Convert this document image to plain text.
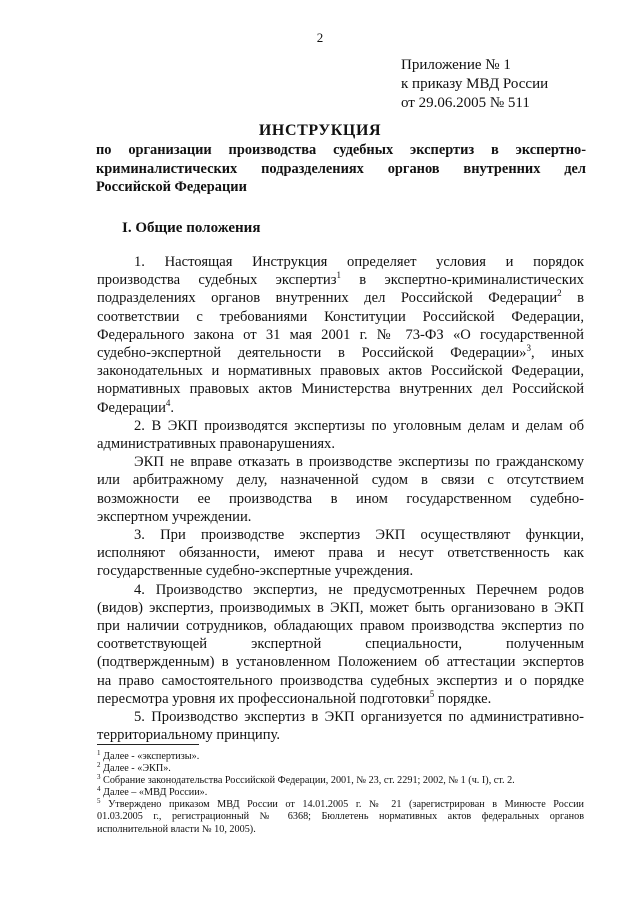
2
Приложение № 1
к приказу МВД России
от 29.06.2005 № 511
ИНСТРУКЦИЯ
по организации производства судебных экспертиз в экспертно-
криминалистических подразделениях органов внутренних дел
Российской Федерации
I. Общие положения
1. Настоящая Инструкция определяет условия и порядок
производства судебных экспертиз$^1$ в экспертно-криминалистических
подразделениях органов внутренних дел Российской Федерации$^2$ в
соответствии с требованиями Конституции Российской Федерации,
Федерального закона от 31 мая 2001 г. № 73-ФЗ «О государственной
судебно-экспертной деятельности в Российской Федерации»$^3$, иных
законодательных и нормативных правовых актов Российской Федерации,
нормативных правовых актов Министерства внутренних дел Российской
Федерации$^4$.
2. В ЭКП производятся экспертизы по уголовным делам и делам об
административных правонарушениях.
ЭКП не вправе отказать в производстве экспертизы по гражданскому
или арбитражному делу, назначенной судом в связи с отсутствием
возможности ее производства в ином государственном судебно-
экспертном учреждении.
3. При производстве экспертиз ЭКП осуществляют функции,
исполняют обязанности, имеют права и несут ответственность как
государственные судебно-экспертные учреждения.
4. Производство экспертиз, не предусмотренных Перечнем родов
(видов) экспертиз, производимых в ЭКП, может быть организовано в ЭКП
при наличии сотрудников, обладающих правом производства экспертиз по
соответствующей экспертной специальности, полученным
(подтвержденным) в установленном Положением об аттестации экспертов
на право самостоятельного производства судебных экспертиз и о порядке
пересмотра уровня их профессиональной подготовки$^5$ порядке.
5. Производство экспертиз в ЭКП организуется по административно-
территориальному принципу.
$^1$ Далее - «экспертизы».
$^2$ Далее - «ЭКП».
$^3$ Собрание законодательства Российской Федерации, 2001, № 23, ст. 2291; 2002, № 1 (ч. I), ст. 2.
$^4$ Далее – «МВД России».
$^5$ Утверждено приказом МВД России от 14.01.2005 г. № 21 (зарегистрирован в Минюсте России
01.03.2005 г., регистрационный № 6368; Бюллетень нормативных актов федеральных органов
исполнительной власти № 10, 2005).
